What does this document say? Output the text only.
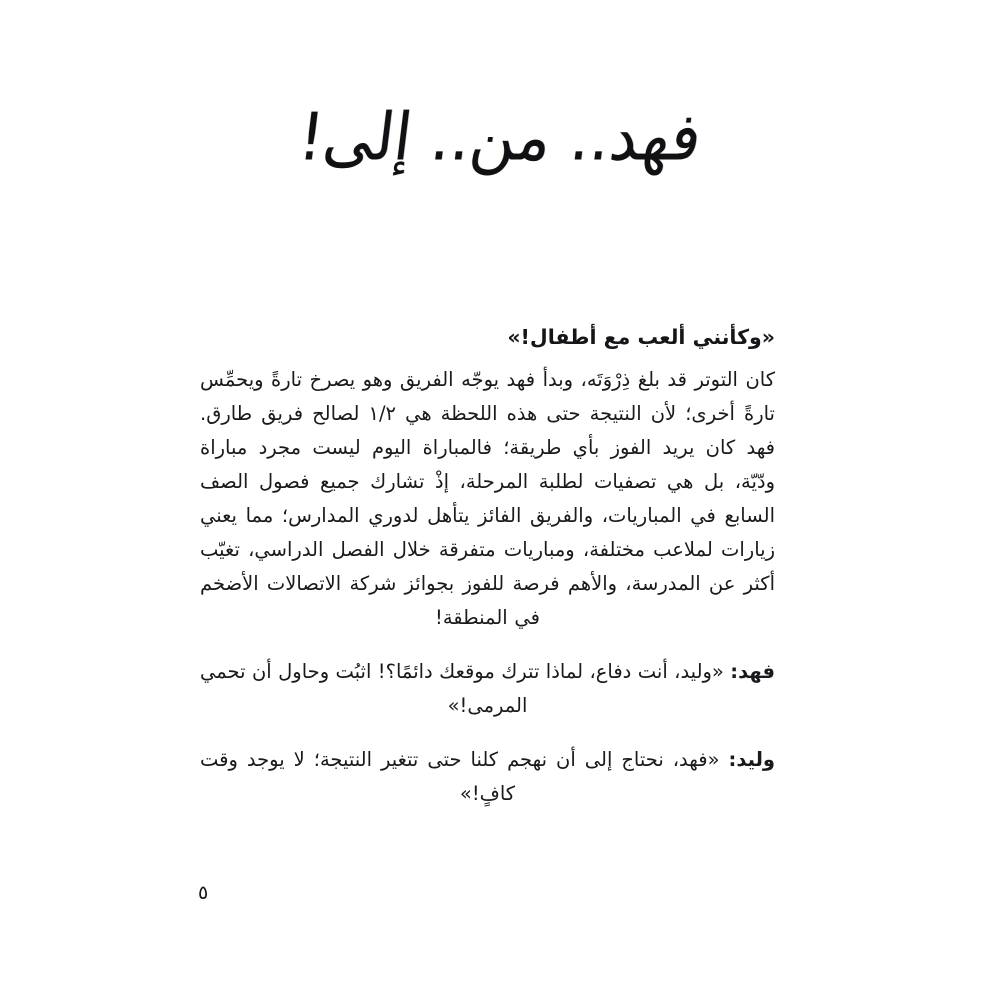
فهد.. من.. إلى!
«وكأنني ألعب مع أطفال!»

كان التوتر قد بلغ ذِرْوَتَه، وبدأ فهد يوجّه الفريق وهو يصرخ تارةً ويحمِّس تارةً أخرى؛ لأن النتيجة حتى هذه اللحظة هي ١/٢ لصالح فريق طارق. فهد كان يريد الفوز بأي طريقة؛ فالمباراة اليوم ليست مجرد مباراة ودّيّة، بل هي تصفيات لطلبة المرحلة، إذْ تشارك جميع فصول الصف السابع في المباريات، والفريق الفائز يتأهل لدوري المدارس؛ مما يعني زيارات لملاعب مختلفة، ومباريات متفرقة خلال الفصل الدراسي، تغيّب أكثر عن المدرسة، والأهم فرصة للفوز بجوائز شركة الاتصالات الأضخم في المنطقة!

فهد: «وليد، أنت دفاع، لماذا تترك موقعك دائمًا؟! اثبُت وحاول أن تحمي المرمى!»

وليد: «فهد، نحتاج إلى أن نهجم كلنا حتى تتغير النتيجة؛ لا يوجد وقت كافٍ!»

٥
